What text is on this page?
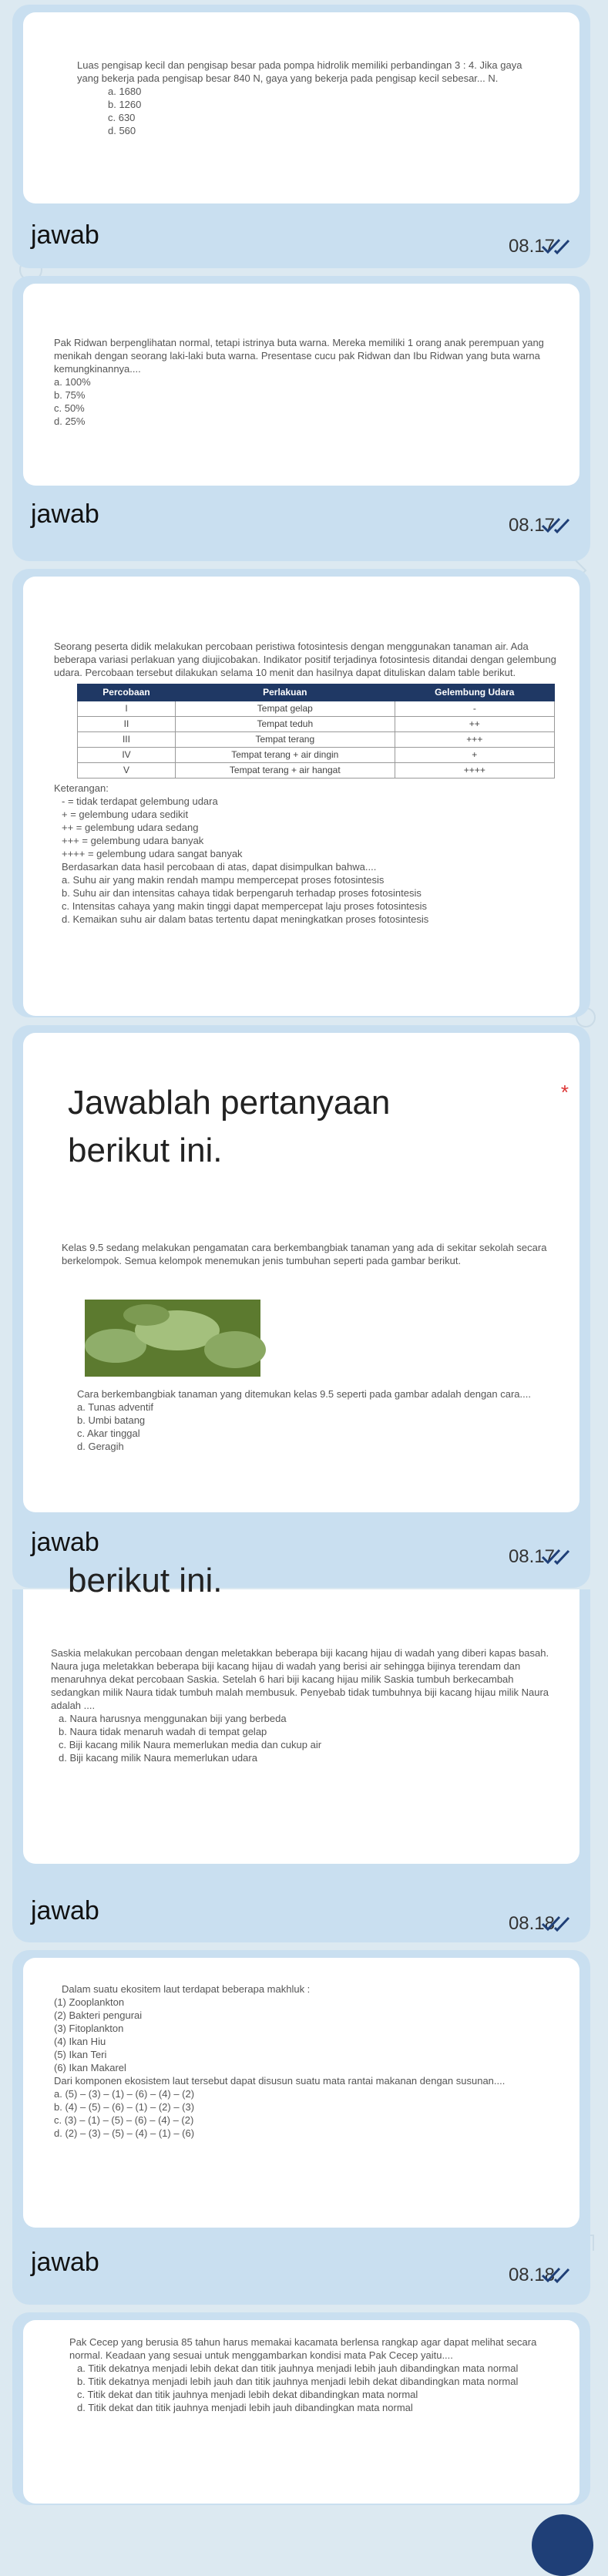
Luas pengisap kecil dan pengisap besar pada pompa hidrolik memiliki perbandingan 3 : 4. Jika gaya yang bekerja pada pengisap besar 840 N, gaya yang bekerja pada pengisap kecil sebesar... N.

a. 1680

b. 1260

c. 630

d. 560

jawab	08.17

Pak Ridwan berpenglihatan normal, tetapi istrinya buta warna. Mereka memiliki 1 orang anak perempuan yang menikah dengan seorang laki-laki buta warna. Presentase cucu pak Ridwan dan Ibu Ridwan yang buta warna kemungkinannya....

a. 100%

b. 75%

c. 50%

d. 25%

jawab	08.17

Seorang peserta didik melakukan percobaan peristiwa fotosintesis dengan menggunakan tanaman air. Ada beberapa variasi perlakuan yang diujicobakan. Indikator positif terjadinya fotosintesis ditandai dengan gelembung udara. Percobaan tersebut dilakukan selama 10 menit dan hasilnya dapat dituliskan dalam table berikut.

Percobaan	Perlakuan	Gelembung Udara
I	Tempat gelap	-
II	Tempat teduh	++
III	Tempat terang	+++
IV	Tempat terang + air dingin	+
V	Tempat terang + air hangat	++++

Keterangan:

- = tidak terdapat gelembung udara

+ = gelembung udara sedikit

++ = gelembung udara sedang

+++ = gelembung udara banyak

++++ = gelembung udara sangat banyak

Berdasarkan data hasil percobaan di atas, dapat disimpulkan bahwa....

a. Suhu air yang makin rendah mampu mempercepat proses fotosintesis

b. Suhu air dan intensitas cahaya tidak berpengaruh terhadap proses fotosintesis

c. Intensitas cahaya yang makin tinggi dapat mempercepat laju proses fotosintesis

d. Kemaikan suhu air dalam batas tertentu dapat meningkatkan proses fotosintesis

08.17

Jawablah pertanyaan

berikut ini.

*

Kelas 9.5 sedang melakukan pengamatan cara berkembangbiak tanaman yang ada di sekitar sekolah secara berkelompok. Semua kelompok menemukan jenis tumbuhan seperti pada gambar berikut.

Cara berkembangbiak tanaman yang ditemukan kelas 9.5 seperti pada gambar adalah dengan cara....

a. Tunas adventif

b. Umbi batang

c. Akar tinggal

d. Geragih

jawab	08.17
berikut ini.

Saskia melakukan percobaan dengan meletakkan beberapa biji kacang hijau di wadah yang diberi kapas basah. Naura juga meletakkan beberapa biji kacang hijau di wadah yang berisi air sehingga bijinya terendam dan menaruhnya dekat percobaan Saskia. Setelah 6 hari biji kacang hijau milik Saskia tumbuh berkecambah sedangkan milik Naura tidak tumbuh malah membusuk. Penyebab tidak tumbuhnya biji kacang hijau milik Naura adalah ....

a. Naura harusnya menggunakan biji yang berbeda

b. Naura tidak menaruh wadah di tempat gelap

c. Biji kacang milik Naura memerlukan media dan cukup air

d. Biji kacang milik Naura memerlukan udara

jawab	08.18

Dalam suatu ekositem laut terdapat beberapa makhluk :

(1) Zooplankton

(2) Bakteri pengurai

(3) Fitoplankton

(4) Ikan Hiu

(5) Ikan Teri

(6) Ikan Makarel

Dari komponen ekosistem laut tersebut dapat disusun suatu mata rantai makanan dengan susunan....

a. (5) – (3) – (1) – (6) – (4) – (2)

b. (4) – (5) – (6) – (1) – (2) – (3)

c. (3) – (1) – (5) – (6) – (4) – (2)

d. (2) – (3) – (5) – (4) – (1) – (6)

jawab	08.18

Pak Cecep yang berusia 85 tahun harus memakai kacamata berlensa rangkap agar dapat melihat secara normal. Keadaan yang sesuai untuk menggambarkan kondisi mata Pak Cecep yaitu....

a. Titik dekatnya menjadi lebih dekat dan titik jauhnya menjadi lebih jauh dibandingkan mata normal

b. Titik dekatnya menjadi lebih jauh dan titik jauhnya menjadi lebih dekat dibandingkan mata normal

c. Titik dekat dan titik jauhnya menjadi lebih dekat dibandingkan mata normal

d. Titik dekat dan titik jauhnya menjadi lebih jauh dibandingkan mata normal

08.19
